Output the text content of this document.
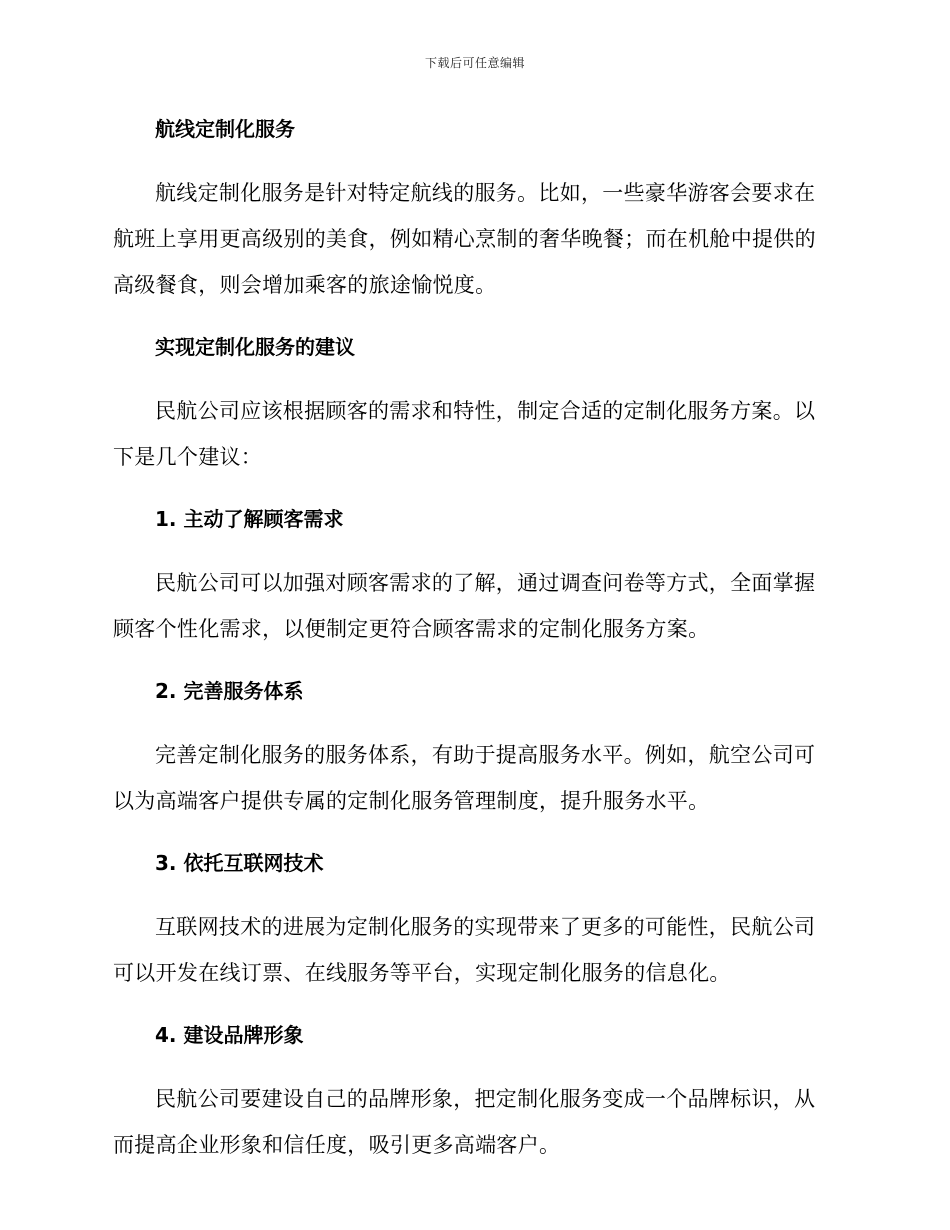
下载后可任意编辑
航线定制化服务

航线定制化服务是针对特定航线的服务。比如，一些豪华游客会要求在航班上享用更高级别的美食，例如精心烹制的奢华晚餐；而在机舱中提供的高级餐食，则会增加乘客的旅途愉悦度。

实现定制化服务的建议

民航公司应该根据顾客的需求和特性，制定合适的定制化服务方案。以下是几个建议：

1. 主动了解顾客需求

民航公司可以加强对顾客需求的了解，通过调查问卷等方式，全面掌握顾客个性化需求，以便制定更符合顾客需求的定制化服务方案。

2. 完善服务体系

完善定制化服务的服务体系，有助于提高服务水平。例如，航空公司可以为高端客户提供专属的定制化服务管理制度，提升服务水平。

3. 依托互联网技术

互联网技术的进展为定制化服务的实现带来了更多的可能性，民航公司可以开发在线订票、在线服务等平台，实现定制化服务的信息化。

4. 建设品牌形象

民航公司要建设自己的品牌形象，把定制化服务变成一个品牌标识，从而提高企业形象和信任度，吸引更多高端客户。
